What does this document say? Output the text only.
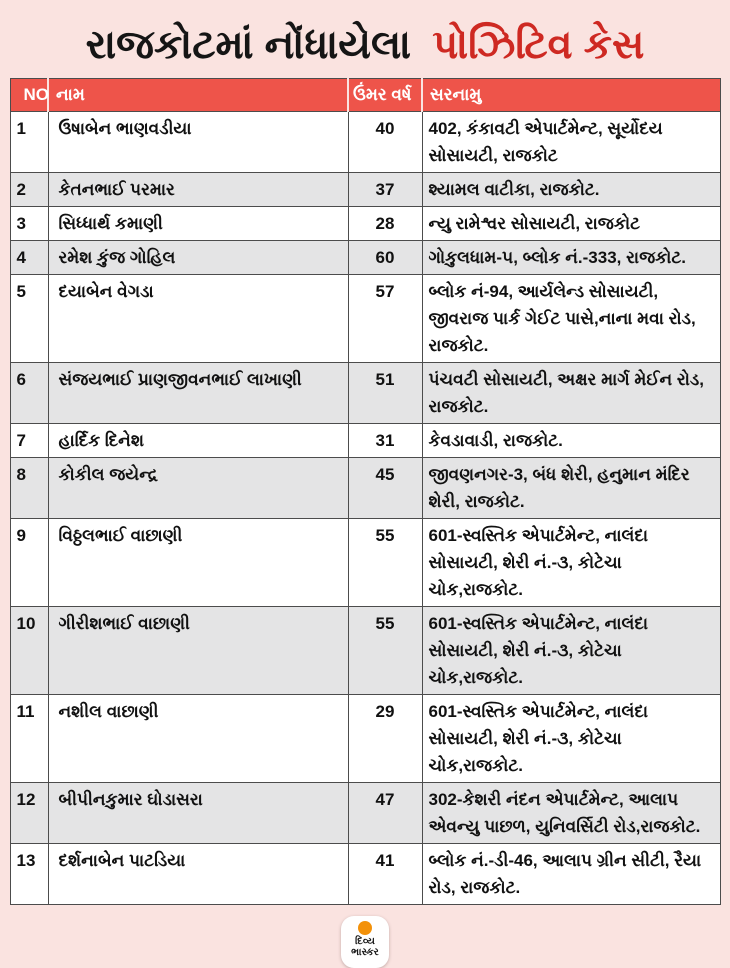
રાજકોટમાં નોંધાયેલા પોઝિટિવ કેસ
NO	નામ	ઉંમર વર્ષ	સરનામુ
1	ઉષાબેન ભાણવડીયા	40	402, કંકાવટી એપાર્ટમેન્ટ, સૂર્યોદય સોસાયટી, રાજકોટ
2	કેતનભાઈ પરમાર	37	શ્યામલ વાટીકા, રાજકોટ.
3	સિધ્ધાર્થ કમાણી	28	ન્યુ રામેશ્વર સોસાયટી, રાજકોટ
4	રમેશ કુંજ ગોહિલ	60	ગોકુલધામ-૫, બ્લોક નં.-333, રાજકોટ.
5	દયાબેન વેગડા	57	બ્લોક નં-94, આર્યલેન્ડ સોસાયટી, જીવરાજ પાર્ક ગેઈટ પાસે,નાના મવા રોડ, રાજકોટ.
6	સંજયભાઈ પ્રાણજીવનભાઈ લાખાણી	51	પંચવટી સોસાયટી, અક્ષર માર્ગ મેઈન રોડ, રાજકોટ.
7	હાર્દિક દિનેશ	31	કેવડાવાડી, રાજકોટ.
8	કોકીલ જયેન્દ્ર	45	જીવણનગર-3, બંધ શેરી, હનુમાન મંદિર શેરી, રાજકોટ.
9	વિઠ્ઠલભાઈ વાછાણી	55	601-સ્વસ્તિક એપાર્ટમેન્ટ, નાલંદા સોસાયટી, શેરી નં.-૩, કોટેચા ચોક,રાજકોટ.
10	ગીરીશભાઈ વાછાણી	55	601-સ્વસ્તિક એપાર્ટમેન્ટ, નાલંદા સોસાયટી, શેરી નં.-૩, કોટેચા ચોક,રાજકોટ.
11	નશીલ વાછાણી	29	601-સ્વસ્તિક એપાર્ટમેન્ટ, નાલંદા સોસાયટી, શેરી નં.-૩, કોટેચા ચોક,રાજકોટ.
12	બીપીનકુમાર ઘોડાસરા	47	302-કેશરી નંદન એપાર્ટમેન્ટ, આલાપ એવન્યુ પાછળ, યુનિવર્સિટી રોડ,રાજકોટ.
13	દર્શનાબેન પાટડિયા	41	બ્લોક નં.-ડી-46, આલાપ ગ્રીન સીટી, રૈયા રોડ, રાજકોટ.
દિવ્ય
ભાસ્કર
